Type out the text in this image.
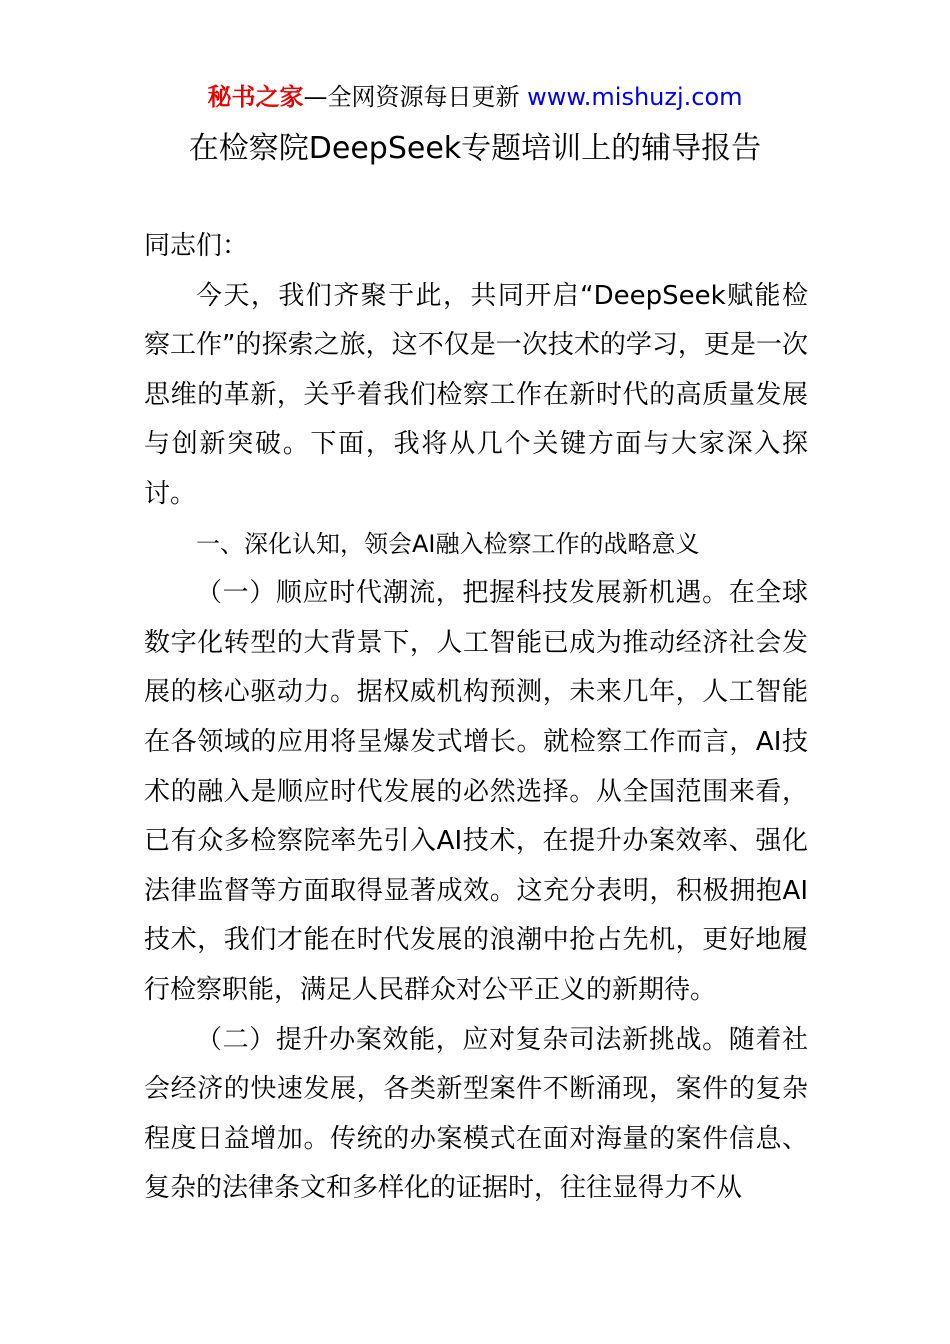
秘书之家—全网资源每日更新 www.mishuzj.com
在检察院DeepSeek专题培训上的辅导报告

同志们：

今天，我们齐聚于此，共同开启“DeepSeek赋能检察工作”的探索之旅，这不仅是一次技术的学习，更是一次思维的革新，关乎着我们检察工作在新时代的高质量发展与创新突破。下面，我将从几个关键方面与大家深入探讨。

一、深化认知，领会AI融入检察工作的战略意义

（一）顺应时代潮流，把握科技发展新机遇。在全球数字化转型的大背景下，人工智能已成为推动经济社会发展的核心驱动力。据权威机构预测，未来几年，人工智能在各领域的应用将呈爆发式增长。就检察工作而言，AI技术的融入是顺应时代发展的必然选择。从全国范围来看，已有众多检察院率先引入AI技术，在提升办案效率、强化法律监督等方面取得显著成效。这充分表明，积极拥抱AI技术，我们才能在时代发展的浪潮中抢占先机，更好地履行检察职能，满足人民群众对公平正义的新期待。

（二）提升办案效能，应对复杂司法新挑战。随着社会经济的快速发展，各类新型案件不断涌现，案件的复杂程度日益增加。传统的办案模式在面对海量的案件信息、复杂的法律条文和多样化的证据时，往往显得力不从
